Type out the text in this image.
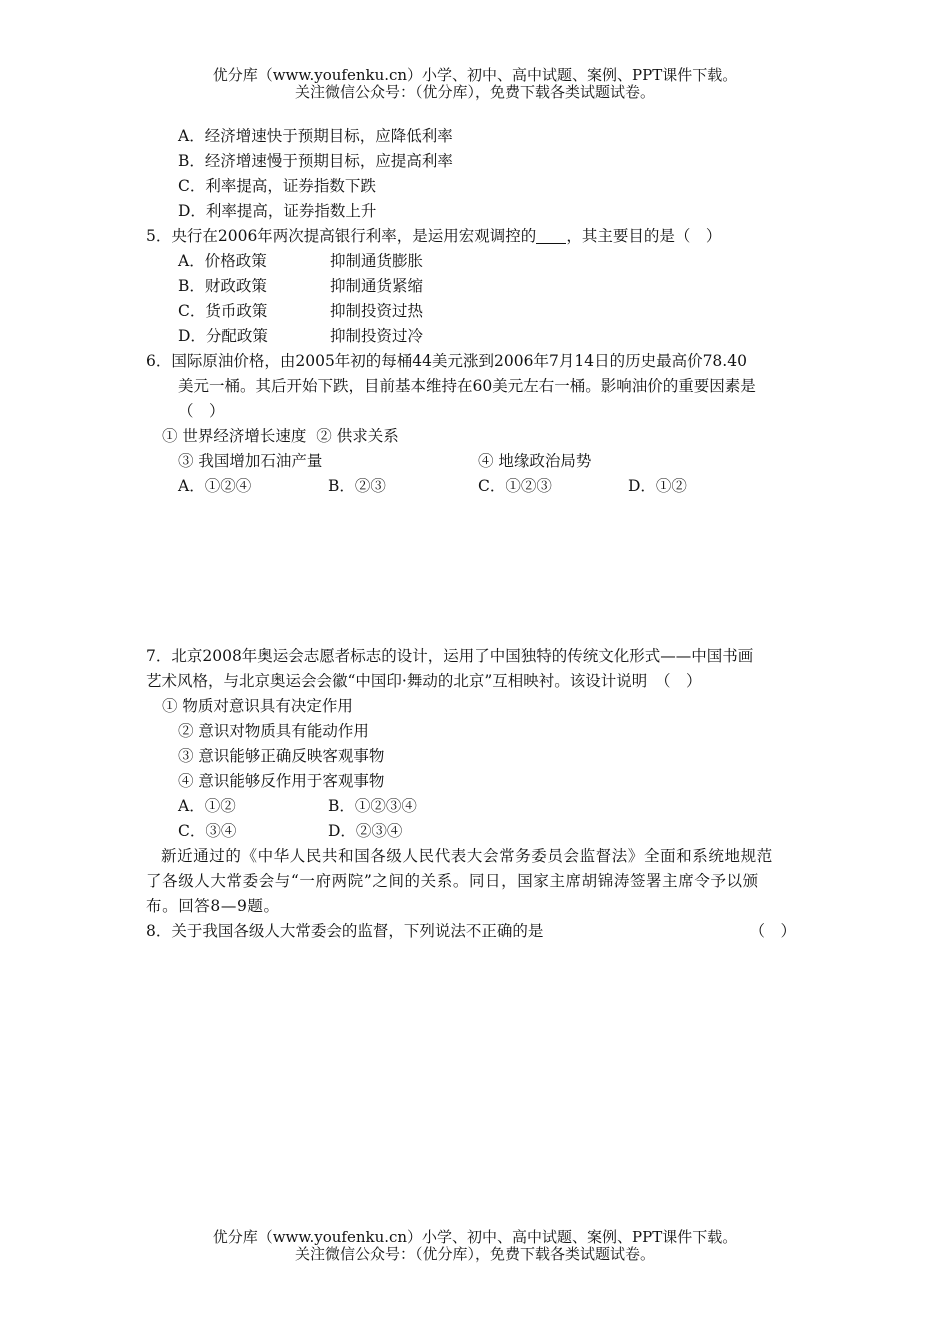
优分库（www.youfenku.cn）小学、初中、高中试题、案例、PPT课件下载。
关注微信公众号：（优分库），免费下载各类试题试卷。
A．经济增速快于预期目标，应降低利率
B．经济增速慢于预期目标，应提高利率
C．利率提高，证券指数下跌
D．利率提高，证券指数上升
5．央行在2006年两次提高银行利率，是运用宏观调控的 ，其主要目的是（　）
A．价格政策	抑制通货膨胀
B．财政政策	抑制通货紧缩
C．货币政策	抑制投资过热
D．分配政策	抑制投资过冷
6．国际原油价格，由2005年初的每桶44美元涨到2006年7月14日的历史最高价78.40
美元一桶。其后开始下跌，目前基本维持在60美元左右一桶。影响油价的重要因素是
（　）
① 世界经济增长速度 ② 供求关系
③ 我国增加石油产量	④ 地缘政治局势
A．①②④	B．②③	C．①②③	D．①②
7．北京2008年奥运会志愿者标志的设计，运用了中国独特的传统文化形式——中国书画
艺术风格，与北京奥运会会徽“中国印·舞动的北京”互相映衬。该设计说明　（　）
① 物质对意识具有决定作用
② 意识对物质具有能动作用
③ 意识能够正确反映客观事物
④ 意识能够反作用于客观事物
A．①②	B．①②③④
C．③④	D．②③④
新近通过的《中华人民共和国各级人民代表大会常务委员会监督法》全面和系统地规范
了各级人大常委会与“一府两院”之间的关系。同日，国家主席胡锦涛签署主席令予以颁
布。回答8—9题。
8．关于我国各级人大常委会的监督，下列说法不正确的是	（　）
优分库（www.youfenku.cn）小学、初中、高中试题、案例、PPT课件下载。
关注微信公众号：（优分库），免费下载各类试题试卷。
